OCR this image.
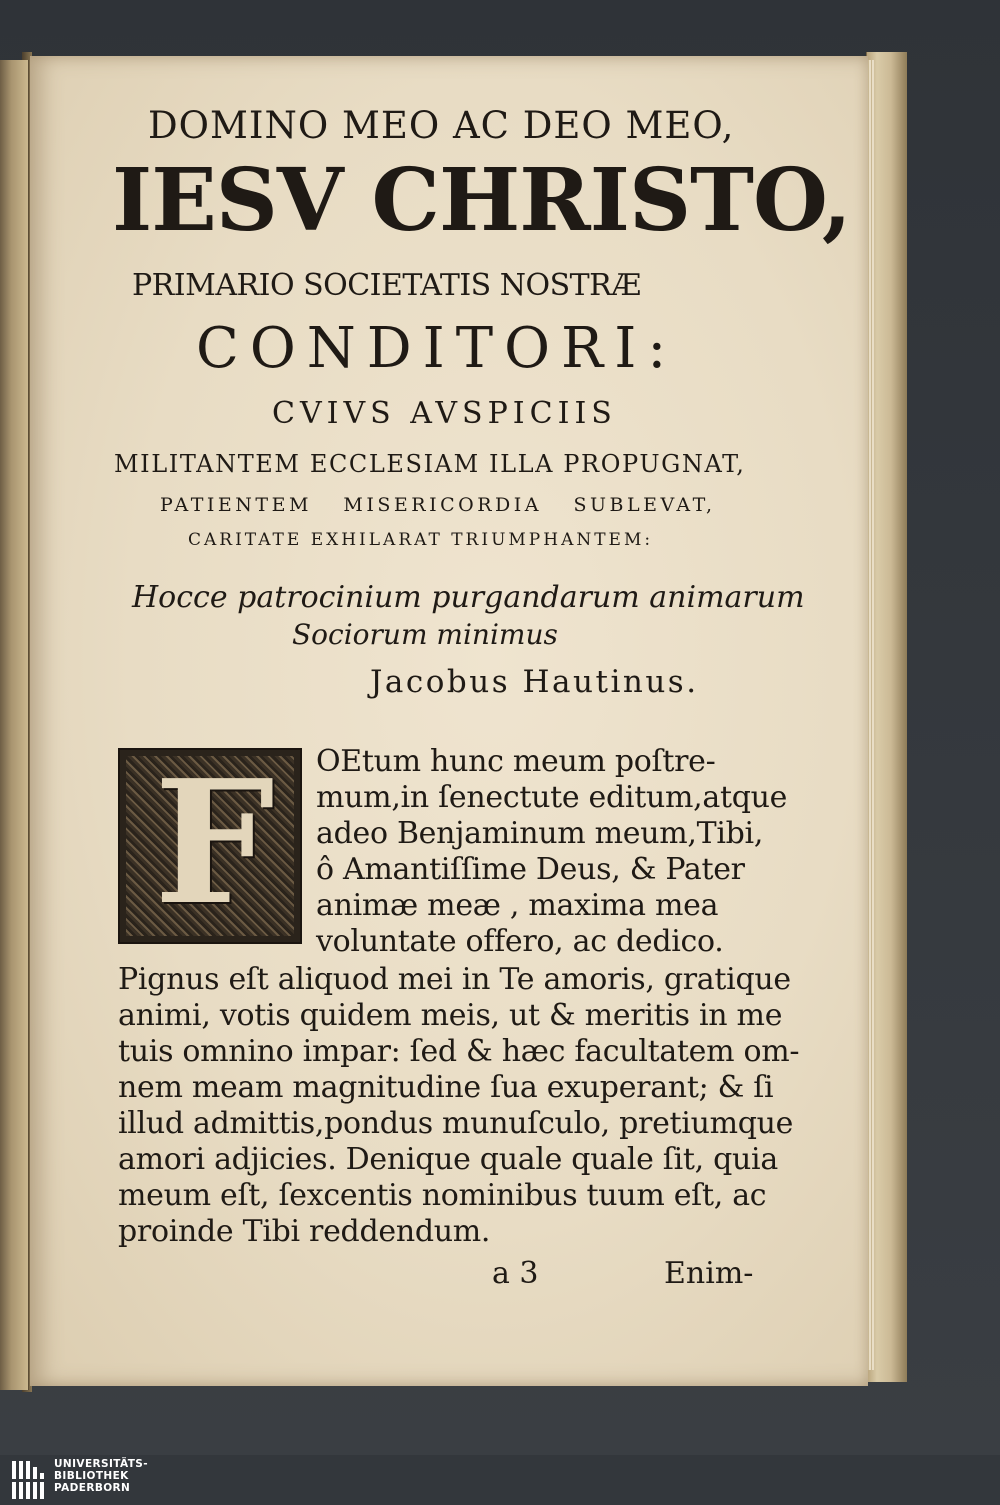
DOMINO MEO AC DEO MEO,
IESV CHRISTO,
PRIMARIO SOCIETATIS NOSTRÆ
CONDITORI:
CVIVS AVSPICIIS
MILITANTEM ECCLESIAM ILLA PROPUGNAT,
PATIENTEM MISERICORDIA SUBLEVAT,
CARITATE EXHILARAT TRIUMPHANTEM:
Hocce patrocinium purgandarum animarum
Sociorum minimus
Jacobus Hautinus.
F OEtum hunc meum poſtre-
mum,in ſenectute editum,atque
adeo Benjaminum meum,Tibi,
ô Amantiſſime Deus, & Pater
animæ meæ , maxima mea
voluntate offero, ac dedico.
Pignus eſt aliquod mei in Te amoris, gratique
animi, votis quidem meis, ut & meritis in me
tuis omnino impar: ſed & hæc facultatem om-
nem meam magnitudine ſua exuperant; & ſi
illud admittis,pondus munuſculo, pretiumque
amori adjicies. Denique quale quale ſit, quia
meum eſt, ſexcentis nominibus tuum eſt, ac
proinde Tibi reddendum.
a 3	Enim-
UNIVERSITÄTS-
BIBLIOTHEK
PADERBORN
